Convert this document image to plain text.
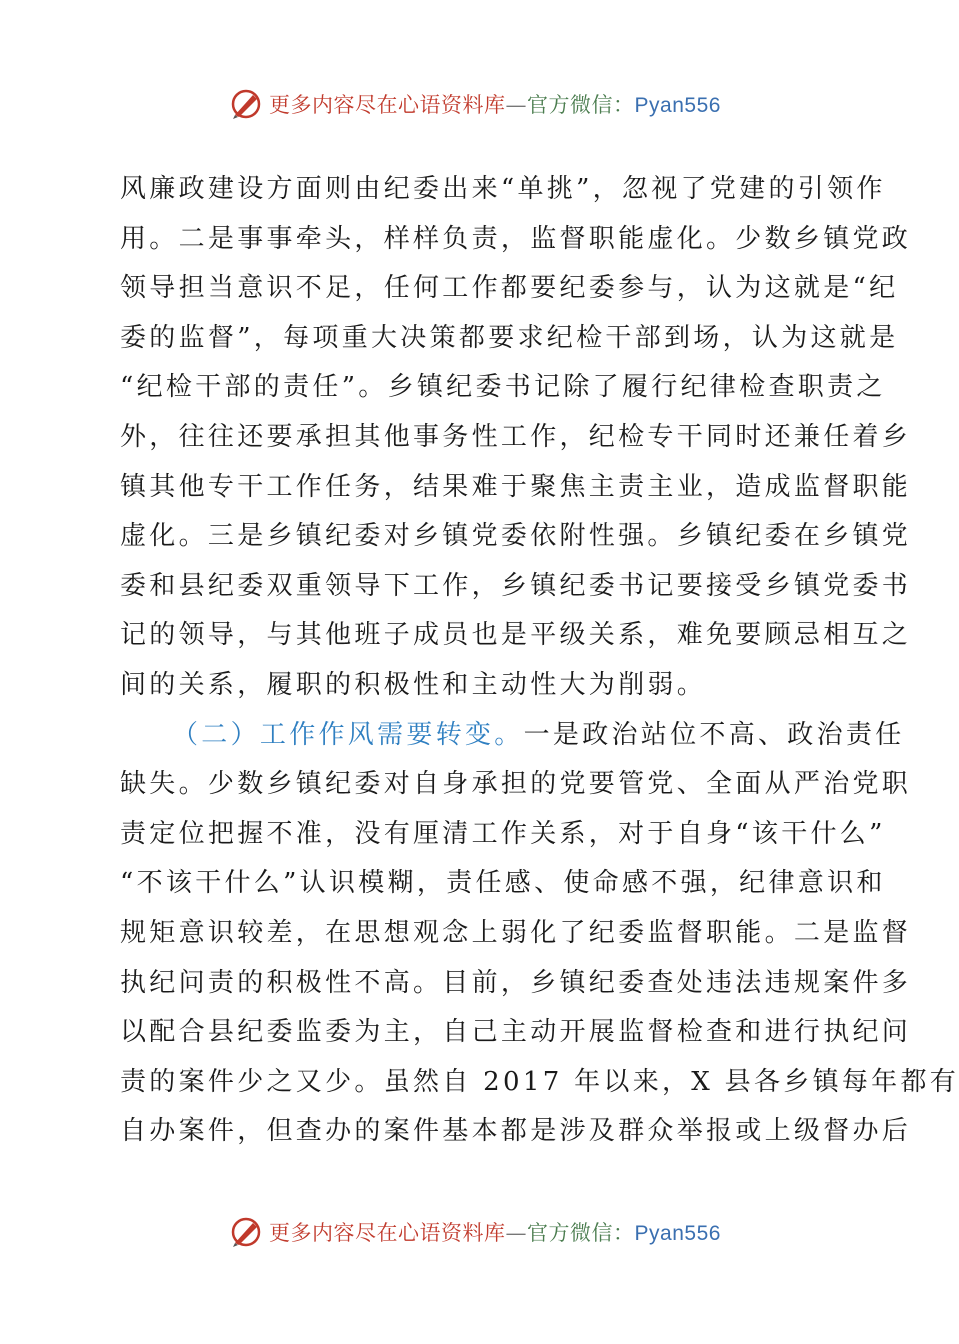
更多内容尽在心语资料库—官方微信：Pyan556
风廉政建设方面则由纪委出来“单挑”，忽视了党建的引领作
用。二是事事牵头，样样负责，监督职能虚化。少数乡镇党政
领导担当意识不足，任何工作都要纪委参与，认为这就是“纪
委的监督”，每项重大决策都要求纪检干部到场，认为这就是
“纪检干部的责任”。乡镇纪委书记除了履行纪律检查职责之
外，往往还要承担其他事务性工作，纪检专干同时还兼任着乡
镇其他专干工作任务，结果难于聚焦主责主业，造成监督职能
虚化。三是乡镇纪委对乡镇党委依附性强。乡镇纪委在乡镇党
委和县纪委双重领导下工作，乡镇纪委书记要接受乡镇党委书
记的领导，与其他班子成员也是平级关系，难免要顾忌相互之
间的关系，履职的积极性和主动性大为削弱。
（二）工作作风需要转变。一是政治站位不高、政治责任
缺失。少数乡镇纪委对自身承担的党要管党、全面从严治党职
责定位把握不准，没有厘清工作关系，对于自身“该干什么”
“不该干什么”认识模糊，责任感、使命感不强，纪律意识和
规矩意识较差，在思想观念上弱化了纪委监督职能。二是监督
执纪问责的积极性不高。目前，乡镇纪委查处违法违规案件多
以配合县纪委监委为主，自己主动开展监督检查和进行执纪问
责的案件少之又少。虽然自 2017 年以来，X 县各乡镇每年都有
自办案件，但查办的案件基本都是涉及群众举报或上级督办后
更多内容尽在心语资料库—官方微信：Pyan556
